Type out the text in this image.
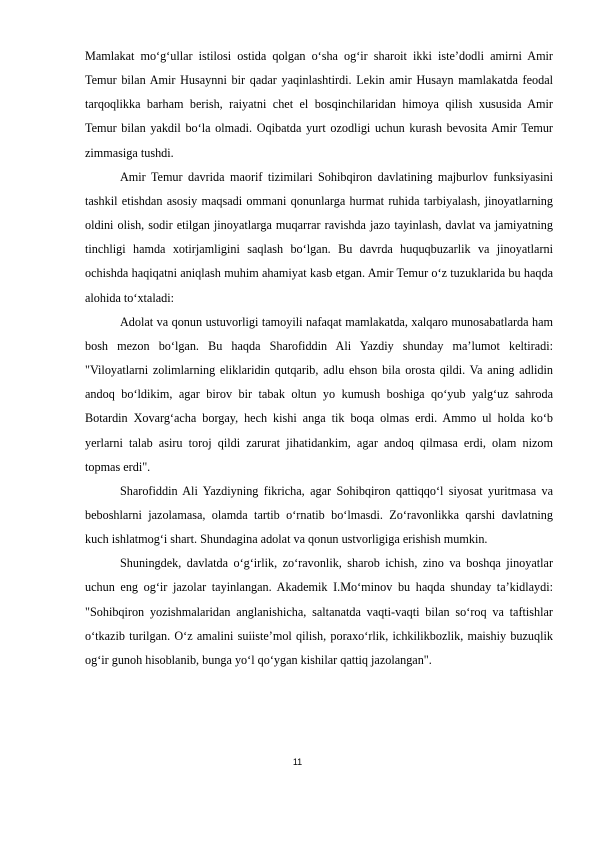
Mamlakat mo‘g‘ullar istilosi ostida qolgan o‘sha og‘ir sharoit ikki iste’dodli amirni Amir Temur bilan Amir Husaynni bir qadar yaqinlashtirdi. Lekin amir Husayn mamlakatda feodal tarqoqlikka barham berish, raiyatni chet el bosqinchilaridan himoya qilish xususida Amir Temur bilan yakdil bo‘la olmadi. Oqibatda yurt ozodligi uchun kurash bevosita Amir Temur zimmasiga tushdi.

Amir Temur davrida maorif tizimilari Sohibqiron davlatining majburlov funksiyasini tashkil etishdan asosiy maqsadi ommani qonunlarga hurmat ruhida tarbiyalash, jinoyatlarning oldini olish, sodir etilgan jinoyatlarga muqarrar ravishda jazo tayinlash, davlat va jamiyatning tinchligi hamda xotirjamligini saqlash bo‘lgan. Bu davrda huquqbuzarlik va jinoyatlarni ochishda haqiqatni aniqlash muhim ahamiyat kasb etgan. Amir Temur o‘z tuzuklarida bu haqda alohida to‘xtaladi:

Adolat va qonun ustuvorligi tamoyili nafaqat mamlakatda, xalqaro munosabatlarda ham bosh mezon bo‘lgan. Bu haqda Sharofiddin Ali Yazdiy shunday ma’lumot keltiradi: "Viloyatlarni zolimlarning eliklaridin qutqarib, adlu ehson bila orosta qildi. Va aning adlidin andoq bo‘ldikim, agar birov bir tabak oltun yo kumush boshiga qo‘yub yalg‘uz sahroda Botardin Xovarg‘acha borgay, hech kishi anga tik boqa olmas erdi. Ammo ul holda ko‘b yerlarni talab asiru toroj qildi zarurat jihatidankim, agar andoq qilmasa erdi, olam nizom topmas erdi".

Sharofiddin Ali Yazdiyning fikricha, agar Sohibqiron qattiqqo‘l siyosat yuritmasa va beboshlarni jazolamasa, olamda tartib o‘rnatib bo‘lmasdi. Zo‘ravonlikka qarshi davlatning kuch ishlatmog‘i shart. Shundagina adolat va qonun ustvorligiga erishish mumkin.

Shuningdek, davlatda o‘g‘irlik, zo‘ravonlik, sharob ichish, zino va boshqa jinoyatlar uchun eng og‘ir jazolar tayinlangan. Akademik I.Mo‘minov bu haqda shunday ta’kidlaydi: "Sohibqiron yozishmalaridan anglanishicha, saltanatda vaqti-vaqti bilan so‘roq va taftishlar o‘tkazib turilgan. O‘z amalini suiiste’mol qilish, poraxo‘rlik, ichkilikbozlik, maishiy buzuqlik og‘ir gunoh hisoblanib, bunga yo‘l qo‘ygan kishilar qattiq jazolangan".

11
